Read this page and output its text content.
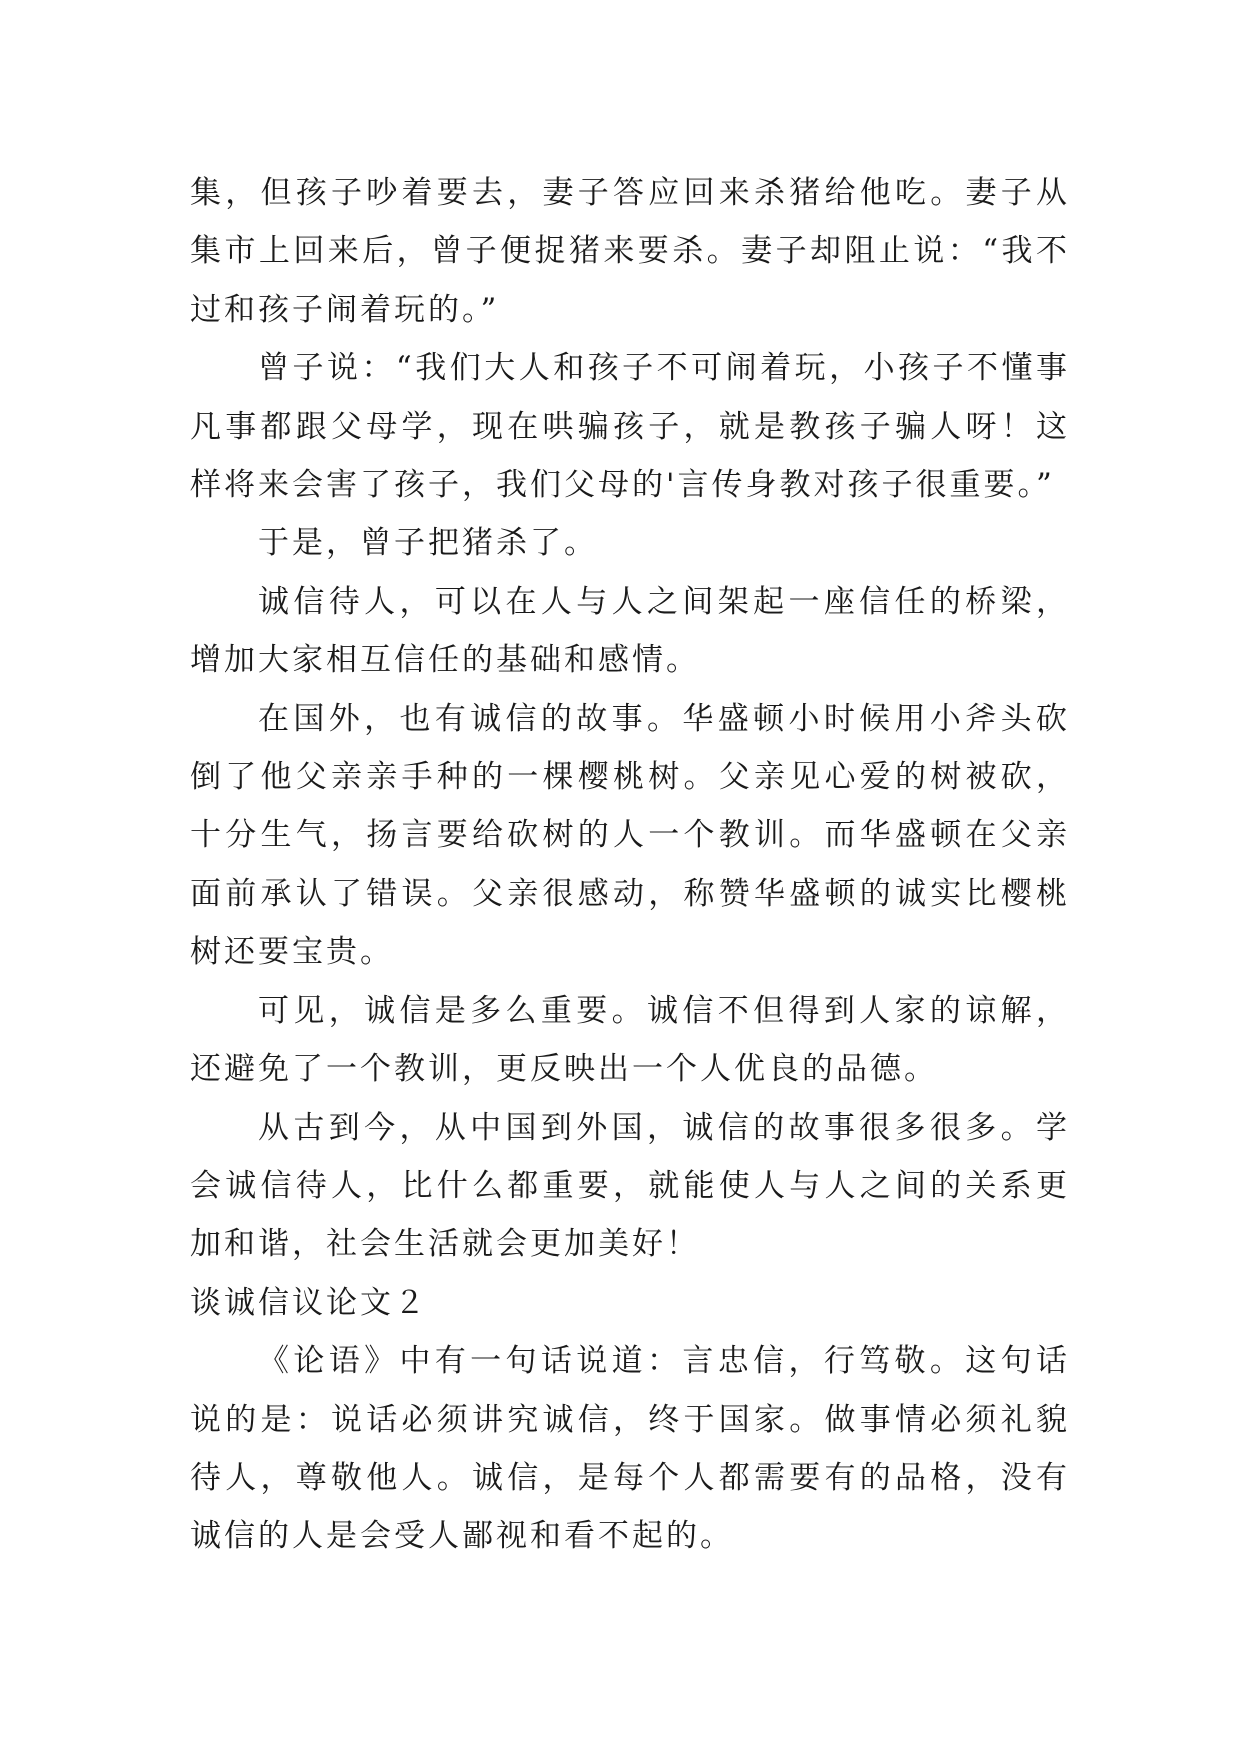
集，但孩子吵着要去，妻子答应回来杀猪给他吃。妻子从集市上回来后，曾子便捉猪来要杀。妻子却阻止说：“我不过和孩子闹着玩的。”

曾子说：“我们大人和孩子不可闹着玩，小孩子不懂事凡事都跟父母学，现在哄骗孩子，就是教孩子骗人呀！这样将来会害了孩子，我们父母的'言传身教对孩子很重要。”

于是，曾子把猪杀了。

诚信待人，可以在人与人之间架起一座信任的桥梁，增加大家相互信任的基础和感情。

在国外，也有诚信的故事。华盛顿小时候用小斧头砍倒了他父亲亲手种的一棵樱桃树。父亲见心爱的树被砍，十分生气，扬言要给砍树的人一个教训。而华盛顿在父亲面前承认了错误。父亲很感动，称赞华盛顿的诚实比樱桃树还要宝贵。

可见，诚信是多么重要。诚信不但得到人家的谅解，还避免了一个教训，更反映出一个人优良的品德。

从古到今，从中国到外国，诚信的故事很多很多。学会诚信待人，比什么都重要，就能使人与人之间的关系更加和谐，社会生活就会更加美好！

谈诚信议论文２

《论语》中有一句话说道：言忠信，行笃敬。这句话说的是：说话必须讲究诚信，终于国家。做事情必须礼貌待人，尊敬他人。诚信，是每个人都需要有的品格，没有诚信的人是会受人鄙视和看不起的。
